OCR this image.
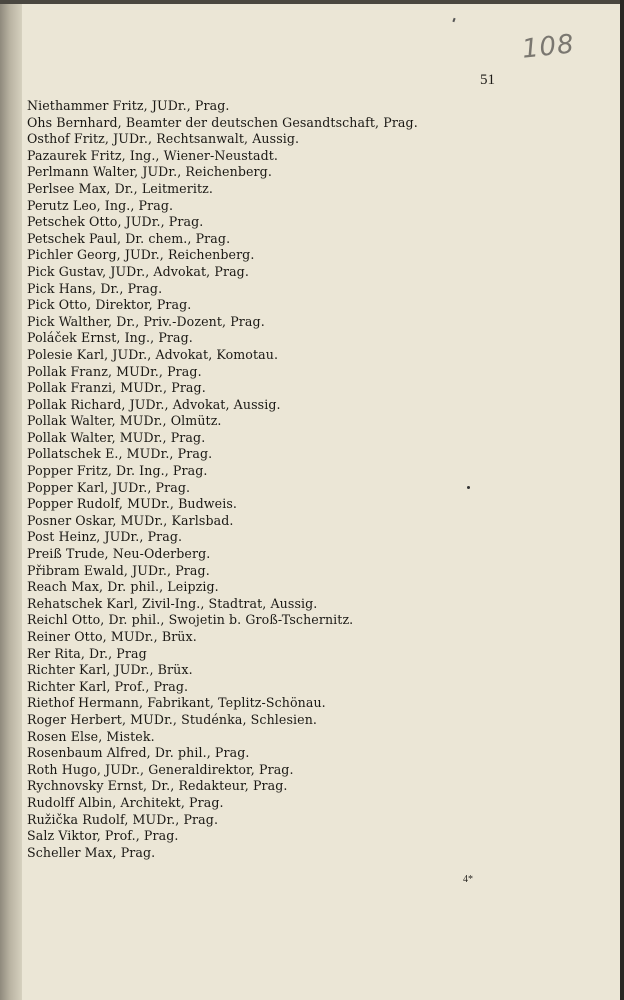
108
51
Niethammer Fritz, JUDr., Prag.
Ohs Bernhard, Beamter der deutschen Gesandtschaft, Prag.
Osthof Fritz, JUDr., Rechtsanwalt, Aussig.
Pazaurek Fritz, Ing., Wiener-Neustadt.
Perlmann Walter, JUDr., Reichenberg.
Perlsee Max, Dr., Leitmeritz.
Perutz Leo, Ing., Prag.
Petschek Otto, JUDr., Prag.
Petschek Paul, Dr. chem., Prag.
Pichler Georg, JUDr., Reichenberg.
Pick Gustav, JUDr., Advokat, Prag.
Pick Hans, Dr., Prag.
Pick Otto, Direktor, Prag.
Pick Walther, Dr., Priv.-Dozent, Prag.
Poláček Ernst, Ing., Prag.
Polesie Karl, JUDr., Advokat, Komotau.
Pollak Franz, MUDr., Prag.
Pollak Franzi, MUDr., Prag.
Pollak Richard, JUDr., Advokat, Aussig.
Pollak Walter, MUDr., Olmütz.
Pollak Walter, MUDr., Prag.
Pollatschek E., MUDr., Prag.
Popper Fritz, Dr. Ing., Prag.
Popper Karl, JUDr., Prag.
Popper Rudolf, MUDr., Budweis.
Posner Oskar, MUDr., Karlsbad.
Post Heinz, JUDr., Prag.
Preiß Trude, Neu-Oderberg.
Přibram Ewald, JUDr., Prag.
Reach Max, Dr. phil., Leipzig.
Rehatschek Karl, Zivil-Ing., Stadtrat, Aussig.
Reichl Otto, Dr. phil., Swojetin b. Groß-Tschernitz.
Reiner Otto, MUDr., Brüx.
Rer Rita, Dr., Prag
Richter Karl, JUDr., Brüx.
Richter Karl, Prof., Prag.
Riethof Hermann, Fabrikant, Teplitz-Schönau.
Roger Herbert, MUDr., Studénka, Schlesien.
Rosen Else, Mistek.
Rosenbaum Alfred, Dr. phil., Prag.
Roth Hugo, JUDr., Generaldirektor, Prag.
Rychnovsky Ernst, Dr., Redakteur, Prag.
Rudolff Albin, Architekt, Prag.
Ružička Rudolf, MUDr., Prag.
Salz Viktor, Prof., Prag.
Scheller Max, Prag.
4*
